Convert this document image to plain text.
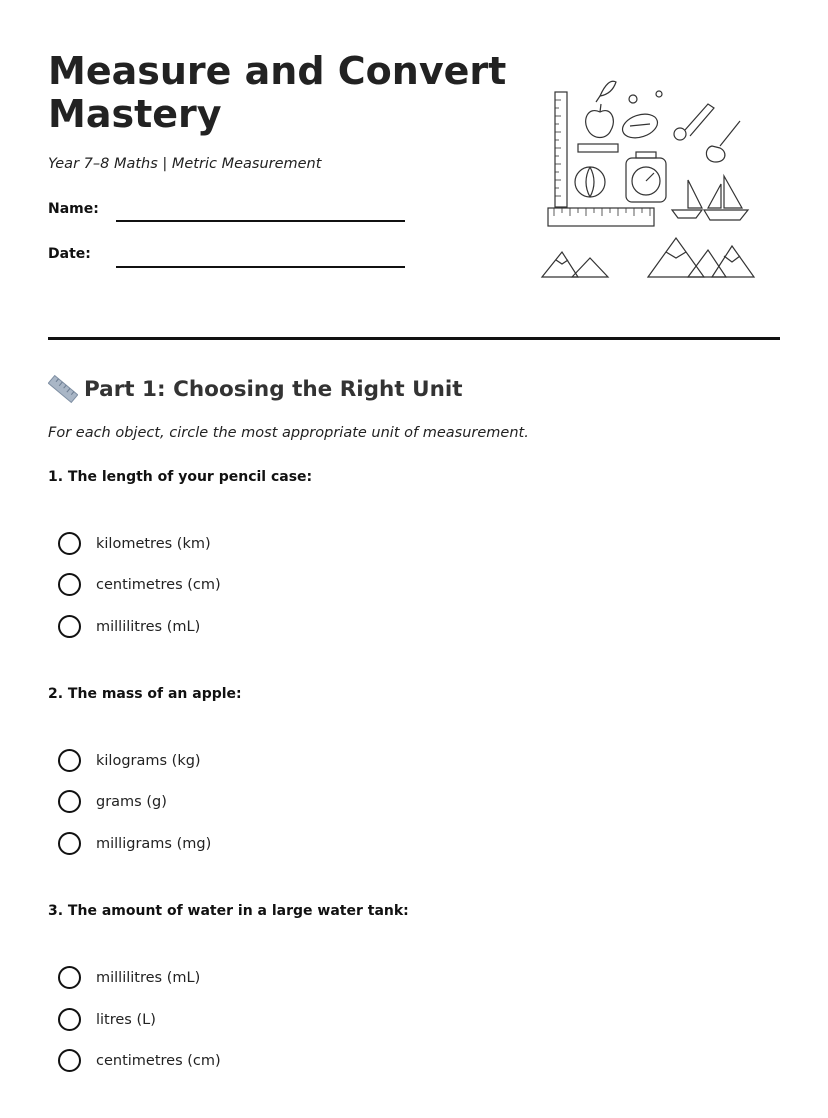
Measure and Convert Mastery
Year 7–8 Maths | Metric Measurement
Name:
Date:
Part 1: Choosing the Right Unit
For each object, circle the most appropriate unit of measurement.
1. The length of your pencil case:
kilometres (km)
centimetres (cm)
millilitres (mL)
2. The mass of an apple:
kilograms (kg)
grams (g)
milligrams (mg)
3. The amount of water in a large water tank:
millilitres (mL)
litres (L)
centimetres (cm)
